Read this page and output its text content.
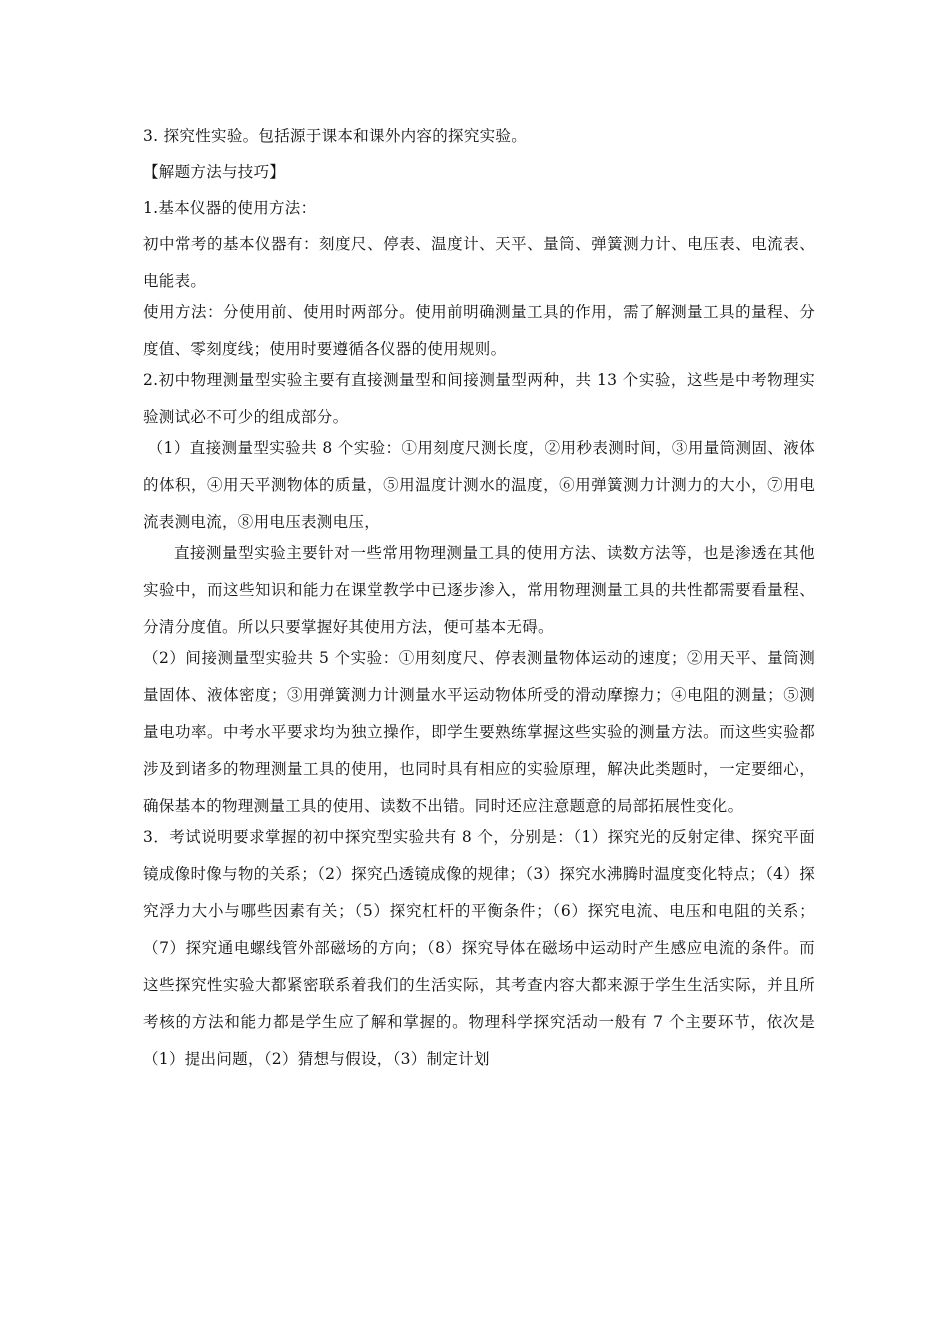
3. 探究性实验。包括源于课本和课外内容的探究实验。

【解题方法与技巧】

1.基本仪器的使用方法：

初中常考的基本仪器有：刻度尺、停表、温度计、天平、量筒、弹簧测力计、电压表、电流表、电能表。

使用方法：分使用前、使用时两部分。使用前明确测量工具的作用，需了解测量工具的量程、分度值、零刻度线；使用时要遵循各仪器的使用规则。

2.初中物理测量型实验主要有直接测量型和间接测量型两种，共 13 个实验，这些是中考物理实验测试必不可少的组成部分。

（1）直接测量型实验共 8 个实验：①用刻度尺测长度，②用秒表测时间，③用量筒测固、液体的体积，④用天平测物体的质量，⑤用温度计测水的温度，⑥用弹簧测力计测力的大小，⑦用电流表测电流，⑧用电压表测电压，

直接测量型实验主要针对一些常用物理测量工具的使用方法、读数方法等，也是渗透在其他实验中，而这些知识和能力在课堂教学中已逐步渗入，常用物理测量工具的共性都需要看量程、分清分度值。所以只要掌握好其使用方法，便可基本无碍。

（2）间接测量型实验共 5 个实验：①用刻度尺、停表测量物体运动的速度；②用天平、量筒测量固体、液体密度；③用弹簧测力计测量水平运动物体所受的滑动摩擦力；④电阻的测量；⑤测量电功率。中考水平要求均为独立操作，即学生要熟练掌握这些实验的测量方法。而这些实验都涉及到诸多的物理测量工具的使用，也同时具有相应的实验原理，解决此类题时，一定要细心，确保基本的物理测量工具的使用、读数不出错。同时还应注意题意的局部拓展性变化。

3．考试说明要求掌握的初中探究型实验共有 8 个，分别是：（1）探究光的反射定律、探究平面镜成像时像与物的关系；（2）探究凸透镜成像的规律；（3）探究水沸腾时温度变化特点；（4）探究浮力大小与哪些因素有关；（5）探究杠杆的平衡条件；（6）探究电流、电压和电阻的关系；（7）探究通电螺线管外部磁场的方向；（8）探究导体在磁场中运动时产生感应电流的条件。而这些探究性实验大都紧密联系着我们的生活实际，其考查内容大都来源于学生生活实际，并且所考核的方法和能力都是学生应了解和掌握的。物理科学探究活动一般有 7 个主要环节，依次是（1）提出问题，（2）猜想与假设，（3）制定计划
